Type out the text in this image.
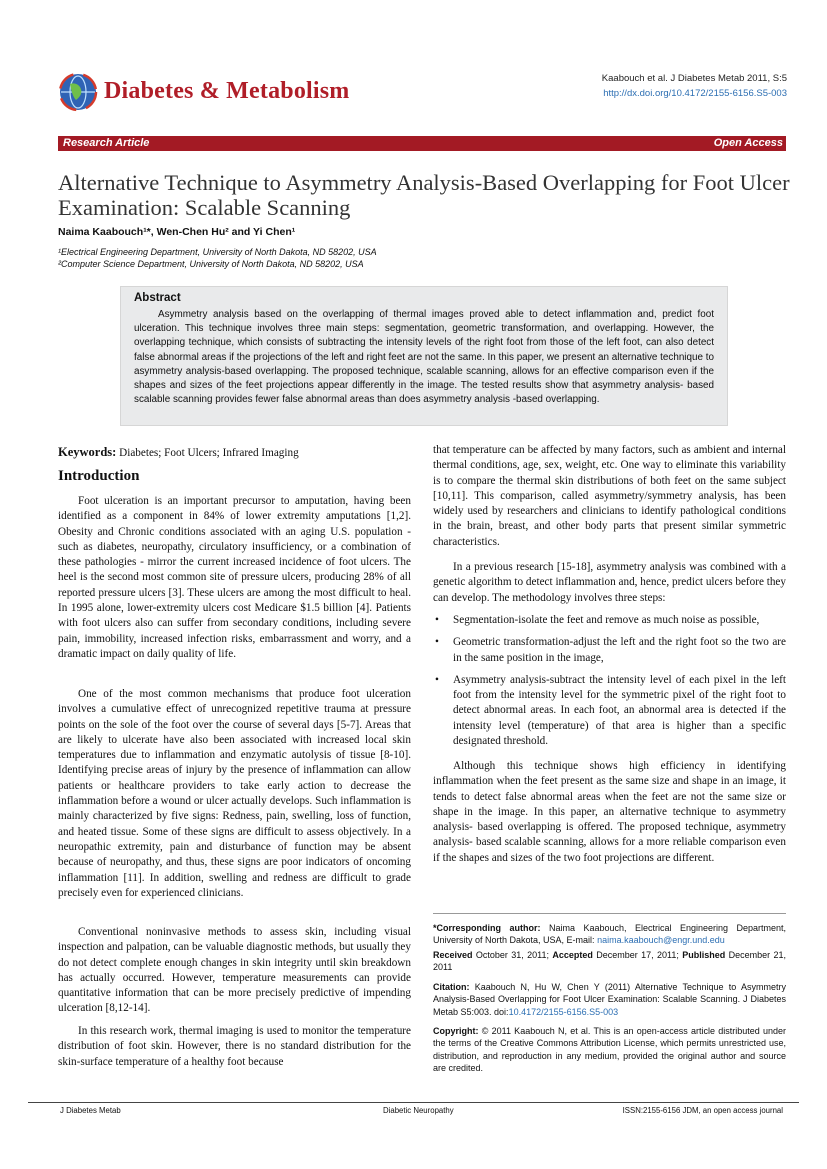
Diabetes & Metabolism	Kaabouch et al. J Diabetes Metab 2011, S:5
http://dx.doi.org/10.4172/2155-6156.S5-003
Research Article	Open Access
Alternative Technique to Asymmetry Analysis-Based Overlapping for Foot Ulcer Examination: Scalable Scanning
Naima Kaabouch¹*, Wen-Chen Hu² and Yi Chen¹
¹Electrical Engineering Department, University of North Dakota, ND 58202, USA
²Computer Science Department, University of North Dakota, ND 58202, USA
Abstract
Asymmetry analysis based on the overlapping of thermal images proved able to detect inflammation and, predict foot ulceration. This technique involves three main steps: segmentation, geometric transformation, and overlapping. However, the overlapping technique, which consists of subtracting the intensity levels of the right foot from those of the left foot, can also detect false abnormal areas if the projections of the left and right feet are not the same. In this paper, we present an alternative technique to asymmetry analysis-based overlapping. The proposed technique, scalable scanning, allows for an effective comparison even if the shapes and sizes of the feet projections appear differently in the image. The tested results show that asymmetry analysis- based scalable scanning provides fewer false abnormal areas than does asymmetry analysis -based overlapping.
Keywords: Diabetes; Foot Ulcers; Infrared Imaging
Introduction

Foot ulceration is an important precursor to amputation, having been identified as a component in 84% of lower extremity amputations [1,2]. Obesity and Chronic conditions associated with an aging U.S. population - such as diabetes, neuropathy, circulatory insufficiency, or a combination of these pathologies - mirror the current increased incidence of foot ulcers. The heel is the second most common site of pressure ulcers, producing 28% of all reported pressure ulcers [3]. These ulcers are among the most difficult to heal. In 1995 alone, lower-extremity ulcers cost Medicare $1.5 billion [4]. Patients with foot ulcers also can suffer from secondary conditions, including severe pain, immobility, increased infection risks, embarrassment and worry, and a dramatic impact on daily quality of life.

One of the most common mechanisms that produce foot ulceration involves a cumulative effect of unrecognized repetitive trauma at pressure points on the sole of the foot over the course of several days [5-7]. Areas that are likely to ulcerate have also been associated with increased local skin temperatures due to inflammation and enzymatic autolysis of tissue [8-10]. Identifying precise areas of injury by the presence of inflammation can allow patients or healthcare providers to take early action to decrease the inflammation before a wound or ulcer actually develops. Such inflammation is mainly characterized by five signs: Redness, pain, swelling, loss of function, and heated tissue. Some of these signs are difficult to assess objectively. In a neuropathic extremity, pain and disturbance of function may be absent because of neuropathy, and thus, these signs are poor indicators of oncoming inflammation [11]. In addition, swelling and redness are difficult to grade precisely even for experienced clinicians.

Conventional noninvasive methods to assess skin, including visual inspection and palpation, can be valuable diagnostic methods, but usually they do not detect complete enough changes in skin integrity until skin breakdown has actually occurred. However, temperature measurements can provide quantitative information that can be more precisely predictive of impending ulceration [8,12-14].

In this research work, thermal imaging is used to monitor the temperature distribution of foot skin. However, there is no standard distribution for the skin-surface temperature of a healthy foot because

that temperature can be affected by many factors, such as ambient and internal thermal conditions, age, sex, weight, etc. One way to eliminate this variability is to compare the thermal skin distributions of both feet on the same subject [10,11]. This comparison, called asymmetry/symmetry analysis, has been widely used by researchers and clinicians to identify pathological conditions in the brain, breast, and other body parts that present similar symmetric characteristics.

In a previous research [15-18], asymmetry analysis was combined with a genetic algorithm to detect inflammation and, hence, predict ulcers before they can develop. The methodology involves three steps:

• Segmentation-isolate the feet and remove as much noise as possible,
• Geometric transformation-adjust the left and the right foot so the two are in the same position in the image,
• Asymmetry analysis-subtract the intensity level of each pixel in the left foot from the intensity level for the symmetric pixel of the right foot to detect abnormal areas. In each foot, an abnormal area is detected if the intensity level (temperature) of that area is higher than a specific designated threshold.

Although this technique shows high efficiency in identifying inflammation when the feet present as the same size and shape in an image, it tends to detect false abnormal areas when the feet are not the same size or shape in the image. In this paper, an alternative technique to asymmetry analysis- based overlapping is offered. The proposed technique, asymmetry analysis- based scalable scanning, allows for a more reliable comparison even if the shapes and sizes of the two foot projections are different.

*Corresponding author: Naima Kaabouch, Electrical Engineering Department, University of North Dakota, USA, E-mail: naima.kaabouch@engr.und.edu
Received October 31, 2011; Accepted December 17, 2011; Published December 21, 2011
Citation: Kaabouch N, Hu W, Chen Y (2011) Alternative Technique to Asymmetry Analysis-Based Overlapping for Foot Ulcer Examination: Scalable Scanning. J Diabetes Metab S5:003. doi:10.4172/2155-6156.S5-003
Copyright: © 2011 Kaabouch N, et al. This is an open-access article distributed under the terms of the Creative Commons Attribution License, which permits unrestricted use, distribution, and reproduction in any medium, provided the original author and source are credited.
J Diabetes Metab	Diabetic Neuropathy	ISSN:2155-6156 JDM, an open access journal
